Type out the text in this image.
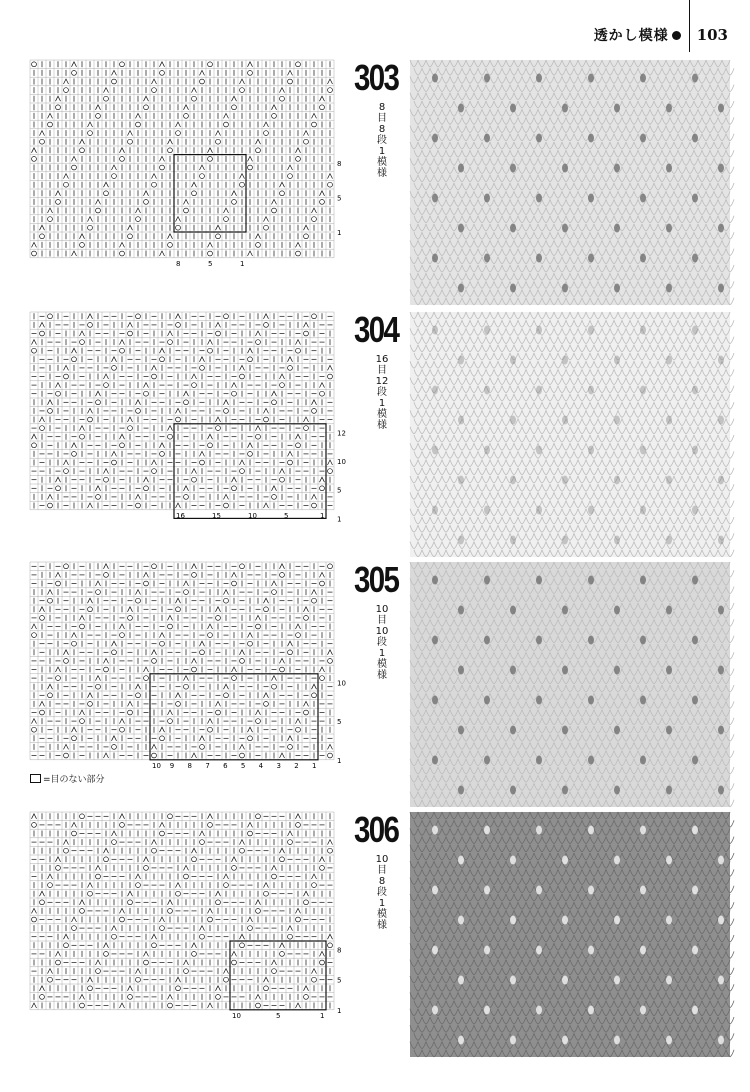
透かし模様 103
8
5
1
8	5	1
303
8目8段1模様
12
10
5
1
16	15	10	5	1
304
16目12段1模様
10
5
1
10 9 8 7 6 5 4 3 2 1
305
10目10段1模様
=目のない部分
8
5
1
10	5	1
306
10目8段1模様
